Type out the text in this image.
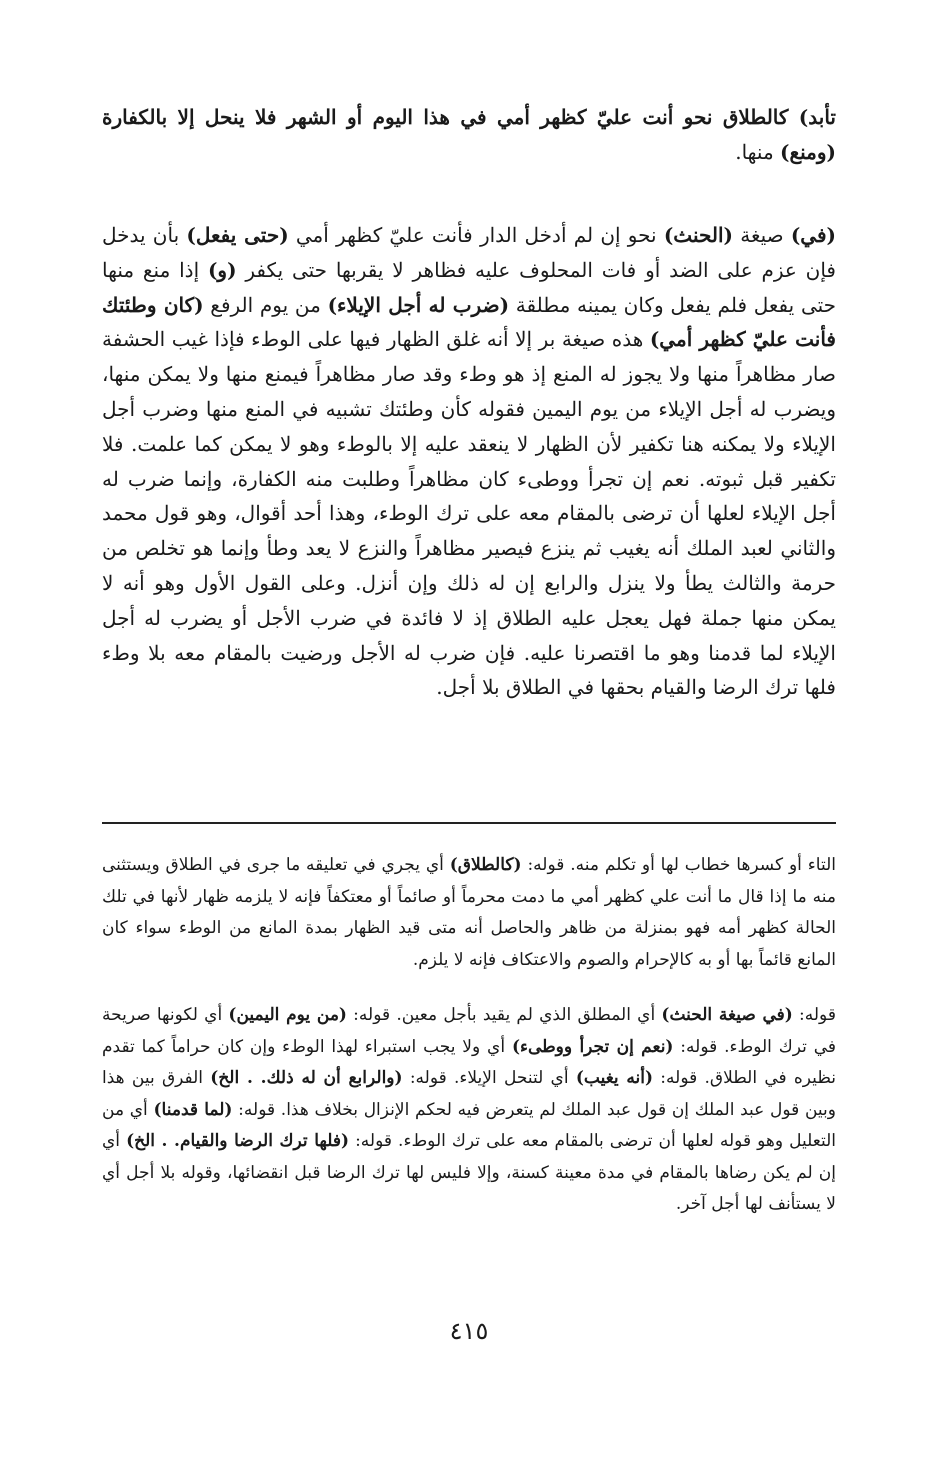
تأبد) كالطلاق نحو أنت عليّ كظهر أمي في هذا اليوم أو الشهر فلا ينحل إلا بالكفارة (ومنع) منها.

(في) صيغة (الحنث) نحو إن لم أدخل الدار فأنت عليّ كظهر أمي (حتى يفعل) بأن يدخل فإن عزم على الضد أو فات المحلوف عليه فظاهر لا يقربها حتى يكفر (و) إذا منع منها حتى يفعل فلم يفعل وكان يمينه مطلقة (ضرب له أجل الإيلاء) من يوم الرفع (كان وطئتك فأنت عليّ كظهر أمي) هذه صيغة بر إلا أنه غلق الظهار فيها على الوطء فإذا غيب الحشفة صار مظاهراً منها ولا يجوز له المنع إذ هو وطء وقد صار مظاهراً فيمنع منها ولا يمكن منها، ويضرب له أجل الإيلاء من يوم اليمين فقوله كأن وطئتك تشبيه في المنع منها وضرب أجل الإيلاء ولا يمكنه هنا تكفير لأن الظهار لا ينعقد عليه إلا بالوطء وهو لا يمكن كما علمت. فلا تكفير قبل ثبوته. نعم إن تجرأ ووطىء كان مظاهراً وطلبت منه الكفارة، وإنما ضرب له أجل الإيلاء لعلها أن ترضى بالمقام معه على ترك الوطء، وهذا أحد أقوال، وهو قول محمد والثاني لعبد الملك أنه يغيب ثم ينزع فيصير مظاهراً والنزع لا يعد وطأ وإنما هو تخلص من حرمة والثالث يطأ ولا ينزل والرابع إن له ذلك وإن أنزل. وعلى القول الأول وهو أنه لا يمكن منها جملة فهل يعجل عليه الطلاق إذ لا فائدة في ضرب الأجل أو يضرب له أجل الإيلاء لما قدمنا وهو ما اقتصرنا عليه. فإن ضرب له الأجل ورضيت بالمقام معه بلا وطء فلها ترك الرضا والقيام بحقها في الطلاق بلا أجل.

التاء أو كسرها خطاب لها أو تكلم منه. قوله: (كالطلاق) أي يجري في تعليقه ما جرى في الطلاق ويستثنى منه ما إذا قال ما أنت علي كظهر أمي ما دمت محرماً أو صائماً أو معتكفاً فإنه لا يلزمه ظهار لأنها في تلك الحالة كظهر أمه فهو بمنزلة من ظاهر والحاصل أنه متى قيد الظهار بمدة المانع من الوطء سواء كان المانع قائماً بها أو به كالإحرام والصوم والاعتكاف فإنه لا يلزم.

قوله: (في صيغة الحنث) أي المطلق الذي لم يقيد بأجل معين. قوله: (من يوم اليمين) أي لكونها صريحة في ترك الوطء. قوله: (نعم إن تجرأ ووطىء) أي ولا يجب استبراء لهذا الوطء وإن كان حراماً كما تقدم نظيره في الطلاق. قوله: (أنه يغيب) أي لتنحل الإيلاء. قوله: (والرابع أن له ذلك. . الخ) الفرق بين هذا وبين قول عبد الملك إن قول عبد الملك لم يتعرض فيه لحكم الإنزال بخلاف هذا. قوله: (لما قدمنا) أي من التعليل وهو قوله لعلها أن ترضى بالمقام معه على ترك الوطء. قوله: (فلها ترك الرضا والقيام. . الخ) أي إن لم يكن رضاها بالمقام في مدة معينة كسنة، وإلا فليس لها ترك الرضا قبل انقضائها، وقوله بلا أجل أي لا يستأنف لها أجل آخر.

٤١٥
